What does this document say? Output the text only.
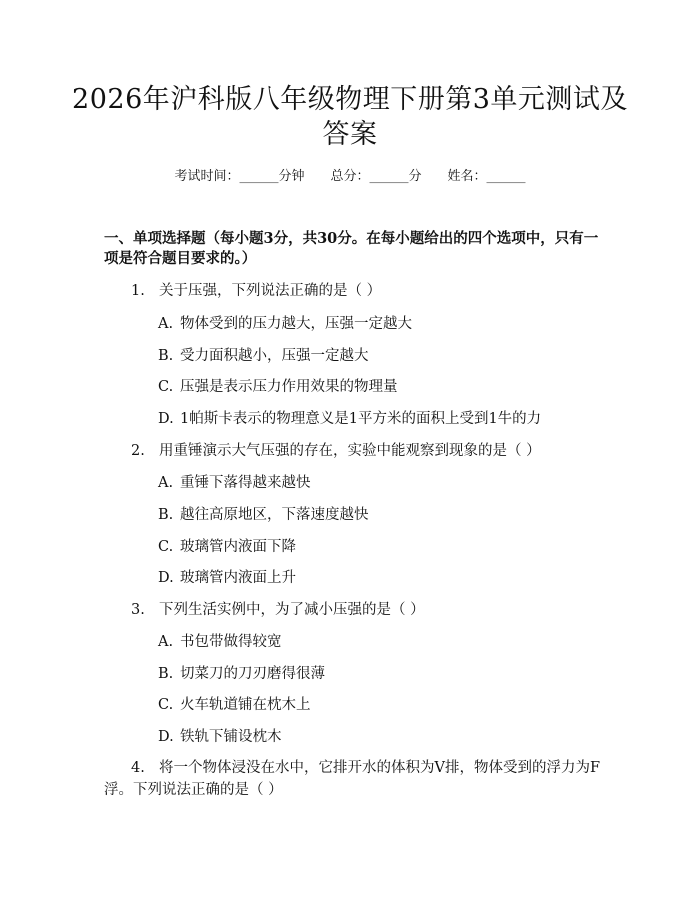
2026年沪科版八年级物理下册第3单元测试及答案
考试时间：______分钟 总分：______分 姓名：______
一、单项选择题（每小题3分，共30分。在每小题给出的四个选项中，只有一项是符合题目要求的。）
1. 关于压强，下列说法正确的是（ ）
A. 物体受到的压力越大，压强一定越大
B. 受力面积越小，压强一定越大
C. 压强是表示压力作用效果的物理量
D. 1帕斯卡表示的物理意义是1平方米的面积上受到1牛的力
2. 用重锤演示大气压强的存在，实验中能观察到现象的是（ ）
A. 重锤下落得越来越快
B. 越往高原地区，下落速度越快
C. 玻璃管内液面下降
D. 玻璃管内液面上升
3. 下列生活实例中，为了减小压强的是（ ）
A. 书包带做得较宽
B. 切菜刀的刀刃磨得很薄
C. 火车轨道铺在枕木上
D. 铁轨下铺设枕木
4. 将一个物体浸没在水中，它排开水的体积为V排，物体受到的浮力为F浮。下列说法正确的是（ ）
